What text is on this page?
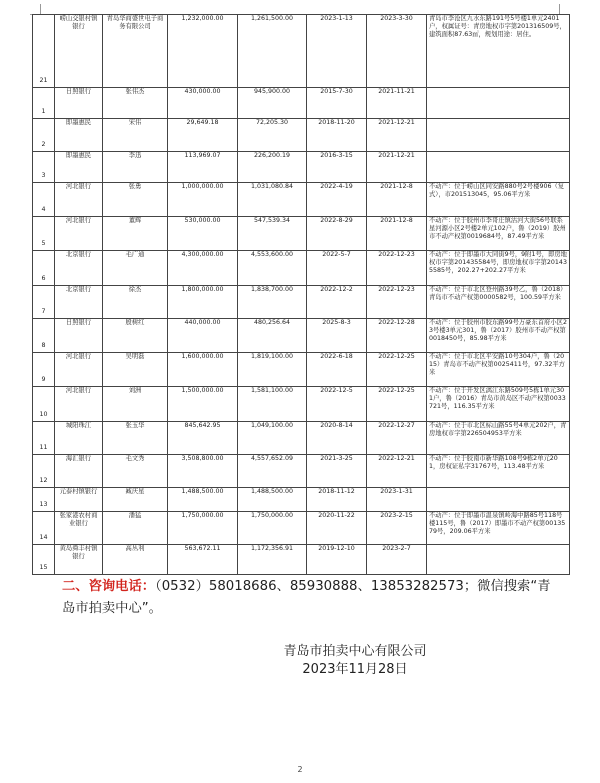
21	崂山交银村镇银行	青岛华商盛世电子商务有限公司	1,232,000.00	1,261,500.00	2023-1-13	2023-3-30	青岛市李沧区九水东路191号5号楼1单元2401户，权属证号：青房地权市字第201316509号，建筑面积87.63㎡，规划用途：居住。
1	日照银行	张伟杰	430,000.00	945,900.00	2015-7-30	2021-11-21	
2	即墨惠民	宋伟	29,649.18	72,205.30	2018-11-20	2021-12-21	
3	即墨惠民	李迅	113,969.07	226,200.19	2016-3-15	2021-12-21	
4	河北银行	张勇	1,000,000.00	1,031,080.84	2022-4-19	2021-12-8	不动产：位于崂山区同安路880号2号楼906（复式），市201513045，95.06平方米
5	河北银行	董辉	530,000.00	547,539.34	2022-8-29	2021-12-8	不动产：位于胶州市李哥庄镇沽河大街56号联系星河源小区2号楼2单元102户，鲁（2019）胶州市不动产权第0019684号，87.49平方米
6	北京银行	毛广通	4,300,000.00	4,553,600.00	2022-5-7	2022-12-23	不动产：位于即墨市大同街9号，9附1号，即房地权市字第201435584号，即房地权市字第201435585号，202.27+202.27平方米
7	北京银行	徐杰	1,800,000.00	1,838,700.00	2022-12-2	2022-12-23	不动产：位于市北区登州路39号乙，鲁（2018）青岛市不动产权第0000582号，100.59平方米
8	日照银行	殷树红	440,000.00	480,256.64	2025-8-3	2022-12-28	不动产：位于胶州市胶东路99号万豪东首府小区23号楼3单元301，鲁（2017）胶州市不动产权第0018450号，85.98平方米
9	河北银行	吴明磊	1,600,000.00	1,819,100.00	2022-6-18	2022-12-25	不动产：位于市北区平安路10号304户，鲁（2015）青岛市不动产权第0025411号，97.32平方米
10	河北银行	刘洲	1,500,000.00	1,581,100.00	2022-12-5	2022-12-25	不动产：位于开发区漓江东路509号5栋1单元301户，鲁（2016）青岛市黄岛区不动产权第0033721号，116.35平方米
11	城阳珠江	张玉华	845,642.95	1,049,100.00	2020-8-14	2022-12-27	不动产：位于市北区标山路55号4单元202户，青房地权市字第226504953平方米
12	海汇银行	毛文秀	3,508,800.00	4,557,652.09	2021-3-25	2022-12-21	不动产：位于胶南市新华路108号9栋2单元201，房权证私字31767号，113.48平方米
13	元泰村镇银行	臧庆星	1,488,500.00	1,488,500.00	2018-11-12	2023-1-31	
14	张家港农村商业银行	潘猛	1,750,000.00	1,750,000.00	2020-11-22	2023-2-15	不动产：位于即墨市温泉镇岭海中路85号118号楼115号，鲁（2017）即墨市不动产权第0013579号，209.06平方米
15	黄岛舜丰村镇银行	高丛利	563,672.11	1,172,356.91	2019-12-10	2023-2-7	
二、咨询电话：（0532）58018686、85930888、13853282573；微信搜索“青岛市拍卖中心”。
青岛市拍卖中心有限公司
2023年11月28日
2
